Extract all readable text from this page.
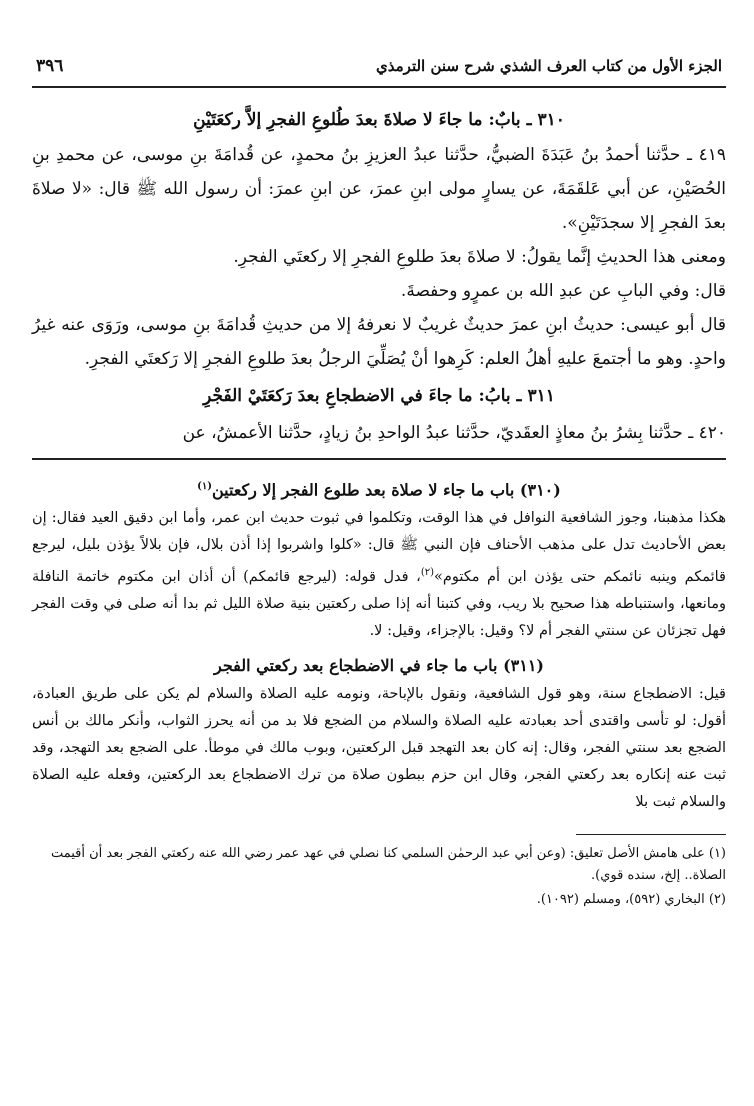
الجزء الأول من كتاب العرف الشذي شرح سنن الترمذي
٣٩٦

٣١٠ ـ بابٌ: ما جاءَ لا صلاةَ بعدَ طُلوعِ الفجرِ إلاَّ ركعَتَيْنِ

٤١٩ ـ حدَّثنا أحمدُ بنُ عَبَدَةَ الضبيُّ، حدَّثنا عبدُ العزيزِ بنُ محمدٍ، عن قُدامَةَ بنِ موسى، عن محمدِ بنِ الحُصَيْنِ، عن أبي عَلقَمَةَ، عن يسارٍ مولى ابنِ عمرَ، عن ابنِ عمرَ: أن رسول الله ﷺ قال: «لا صلاةَ بعدَ الفجرِ إلا سجدَتَيْنِ».

ومعنى هذا الحديثِ إنَّما يقولُ: لا صلاةَ بعدَ طلوعِ الفجرِ إلا ركعتَي الفجرِ.

قال: وفي البابِ عن عبدِ الله بن عمرٍو وحفصةَ.

قال أبو عيسى: حديثُ ابنِ عمرَ حديثٌ غريبٌ لا نعرفهُ إلا من حديثِ قُدامَةَ بنِ موسى، ورَوَى عنه غيرُ واحدٍ. وهو ما أجتمعَ عليهِ أهلُ العلم: كَرِهوا أنْ يُصَلِّيَ الرجلُ بعدَ طلوعِ الفجرِ إلا رَكعتَي الفجرِ.

٣١١ ـ بابُ: ما جاءَ في الاضطجاعِ بعدَ رَكعَتَيْ الفَجْرِ

٤٢٠ ـ حدَّثنا بِشرُ بنُ معاذٍ العقَديّ، حدَّثنا عبدُ الواحدِ بنُ زيادٍ، حدَّثنا الأعمشُ، عن

(٣١٠) باب ما جاء لا صلاة بعد طلوع الفجر إلا ركعتين$^{(١)}$

هكذا مذهبنا، وجوز الشافعية النوافل في هذا الوقت، وتكلموا في ثبوت حديث ابن عمر، وأما ابن دقيق العيد فقال: إن بعض الأحاديث تدل على مذهب الأحناف فإن النبي ﷺ قال: «كلوا واشربوا إذا أذن بلال، فإن بلالاً يؤذن بليل، ليرجع قائمكم وينبه نائمكم حتى يؤذن ابن أم مكتوم»$^{(٢)}$، فدل قوله: (ليرجع قائمكم) أن أذان ابن مكتوم خاتمة النافلة ومانعها، واستنباطه هذا صحيح بلا ريب، وفي كتبنا أنه إذا صلى ركعتين بنية صلاة الليل ثم بدا أنه صلى في وقت الفجر فهل تجزئان عن سنتي الفجر أم لا؟ وقيل: بالإجزاء، وقيل: لا.

(٣١١) باب ما جاء في الاضطجاع بعد ركعتي الفجر

قيل: الاضطجاع سنة، وهو قول الشافعية، ونقول بالإباحة، ونومه عليه الصلاة والسلام لم يكن على طريق العبادة، أقول: لو تأسى واقتدى أحد بعبادته عليه الصلاة والسلام من الضجع فلا بد من أنه يحرز الثواب، وأنكر مالك بن أنس الضجع بعد سنتي الفجر، وقال: إنه كان بعد التهجد قبل الركعتين، وبوب مالك في موطأ. على الضجع بعد التهجد، وقد ثبت عنه إنكاره بعد ركعتي الفجر، وقال ابن حزم ببطون صلاة من ترك الاضطجاع بعد الركعتين، وفعله عليه الصلاة والسلام ثبت بلا

(١) على هامش الأصل تعليق: (وعن أبي عبد الرحمٰن السلمي كنا نصلي في عهد عمر رضي الله عنه ركعتي الفجر بعد أن أقيمت الصلاة.. إلخ، سنده قوي).

(٢) البخاري (٥٩٢)، ومسلم (١٠٩٢).
